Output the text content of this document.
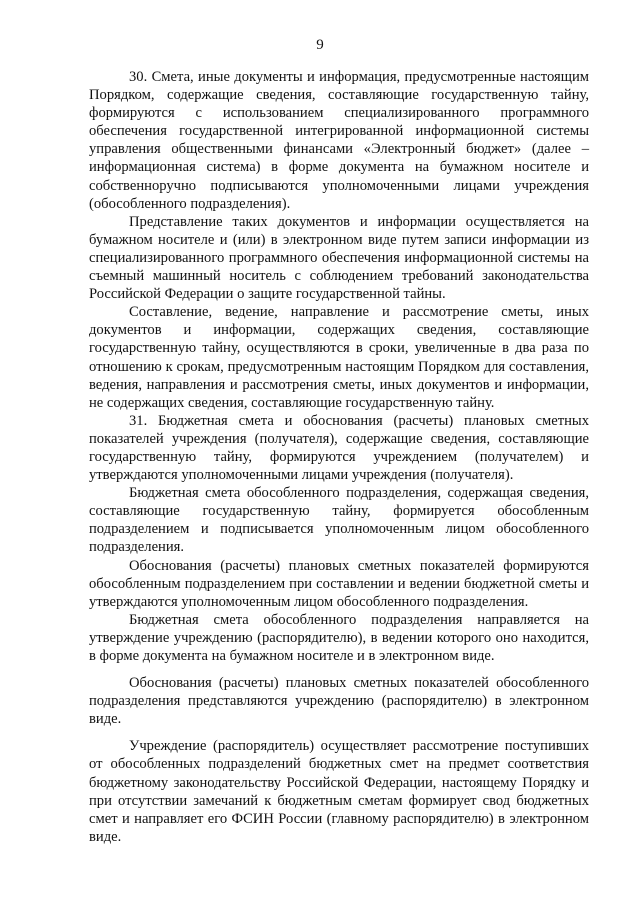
9

30. Смета, иные документы и информация, предусмотренные настоящим Порядком, содержащие сведения, составляющие государственную тайну, формируются с использованием специализированного программного обеспечения государственной интегрированной информационной системы управления общественными финансами «Электронный бюджет» (далее – информационная система) в форме документа на бумажном носителе и собственноручно подписываются уполномоченными лицами учреждения (обособленного подразделения).

Представление таких документов и информации осуществляется на бумажном носителе и (или) в электронном виде путем записи информации из специализированного программного обеспечения информационной системы на съемный машинный носитель с соблюдением требований законодательства Российской Федерации о защите государственной тайны.

Составление, ведение, направление и рассмотрение сметы, иных документов и информации, содержащих сведения, составляющие государственную тайну, осуществляются в сроки, увеличенные в два раза по отношению к срокам, предусмотренным настоящим Порядком для составления, ведения, направления и рассмотрения сметы, иных документов и информации, не содержащих сведения, составляющие государственную тайну.

31. Бюджетная смета и обоснования (расчеты) плановых сметных показателей учреждения (получателя), содержащие сведения, составляющие государственную тайну, формируются учреждением (получателем) и утверждаются уполномоченными лицами учреждения (получателя).

Бюджетная смета обособленного подразделения, содержащая сведения, составляющие государственную тайну, формируется обособленным подразделением и подписывается уполномоченным лицом обособленного подразделения.

Обоснования (расчеты) плановых сметных показателей формируются обособленным подразделением при составлении и ведении бюджетной сметы и утверждаются уполномоченным лицом обособленного подразделения.

Бюджетная смета обособленного подразделения направляется на утверждение учреждению (распорядителю), в ведении которого оно находится, в форме документа на бумажном носителе и в электронном виде.

Обоснования (расчеты) плановых сметных показателей обособленного подразделения представляются учреждению (распорядителю) в электронном виде.

Учреждение (распорядитель) осуществляет рассмотрение поступивших от обособленных подразделений бюджетных смет на предмет соответствия бюджетному законодательству Российской Федерации, настоящему Порядку и при отсутствии замечаний к бюджетным сметам формирует свод бюджетных смет и направляет его ФСИН России (главному распорядителю) в электронном виде.
